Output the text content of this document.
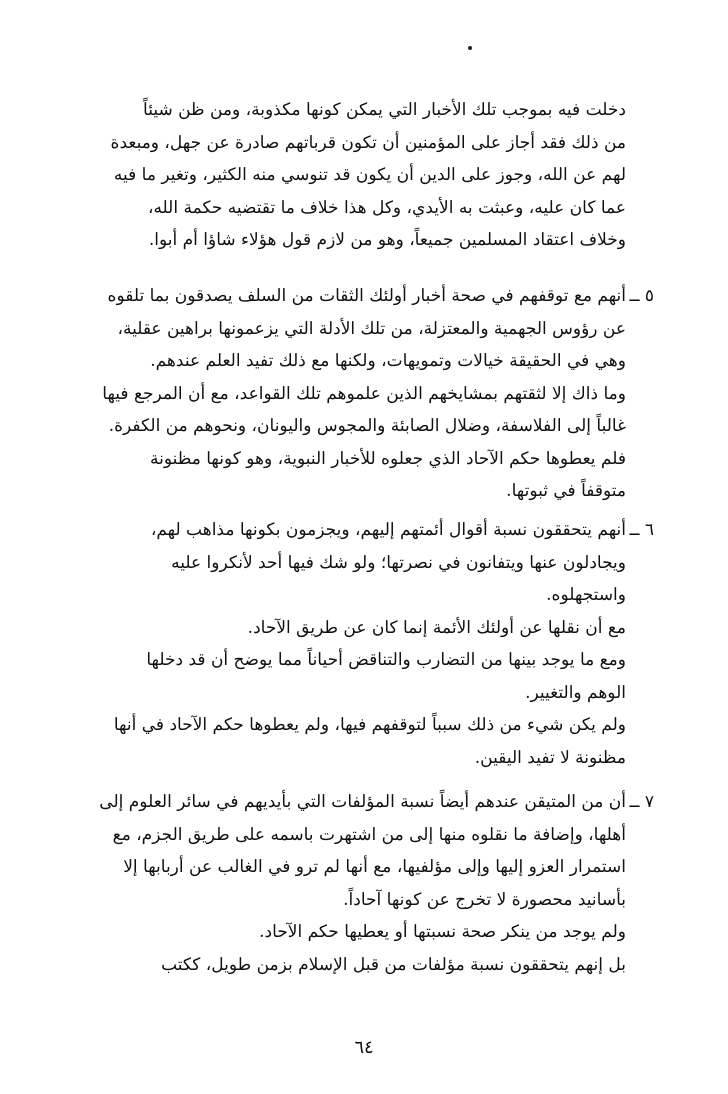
دخلت فيه بموجب تلك الأخبار التي يمكن كونها مكذوبة، ومن ظن شيئاً
من ذلك فقد أجاز على المؤمنين أن تكون قرباتهم صادرة عن جهل، ومبعدة
لهم عن الله، وجوز على الدين أن يكون قد تنوسي منه الكثير، وتغير ما فيه
عما كان عليه، وعبثت به الأيدي، وكل هذا خلاف ما تقتضيه حكمة الله،
وخلاف اعتقاد المسلمين جميعاً، وهو من لازم قول هؤلاء شاؤا أم أبوا.
٥ ــ
أنهم مع توقفهم في صحة أخبار أولئك الثقات من السلف يصدقون بما تلقوه
عن رؤوس الجهمية والمعتزلة، من تلك الأدلة التي يزعمونها براهين عقلية،
وهي في الحقيقة خيالات وتمويهات، ولكنها مع ذلك تفيد العلم عندهم.
وما ذاك إلا لثقتهم بمشايخهم الذين علموهم تلك القواعد، مع أن المرجع فيها
غالباً إلى الفلاسفة، وضلال الصابئة والمجوس واليونان، ونحوهم من الكفرة.
فلم يعطوها حكم الآحاد الذي جعلوه للأخبار النبوية، وهو كونها مظنونة
متوقفاً في ثبوتها.
٦ ــ
أنهم يتحققون نسبة أقوال أئمتهم إليهم، ويجزمون بكونها مذاهب لهم،
ويجادلون عنها ويتفانون في نصرتها؛ ولو شك فيها أحد لأنكروا عليه
واستجهلوه.
مع أن نقلها عن أولئك الأئمة إنما كان عن طريق الآحاد.
ومع ما يوجد بينها من التضارب والتناقض أحياناً مما يوضح أن قد دخلها
الوهم والتغيير.
ولم يكن شيء من ذلك سبباً لتوقفهم فيها، ولم يعطوها حكم الآحاد في أنها
مظنونة لا تفيد اليقين.
٧ ــ
أن من المتيقن عندهم أيضاً نسبة المؤلفات التي بأيديهم في سائر العلوم إلى
أهلها، وإضافة ما نقلوه منها إلى من اشتهرت باسمه على طريق الجزم، مع
استمرار العزو إليها وإلى مؤلفيها، مع أنها لم ترو في الغالب عن أربابها إلا
بأسانيد محصورة لا تخرج عن كونها آحاداً.
ولم يوجد من ينكر صحة نسبتها أو يعطيها حكم الآحاد.
بل إنهم يتحققون نسبة مؤلفات من قبل الإسلام بزمن طويل، ككتب
٦٤
